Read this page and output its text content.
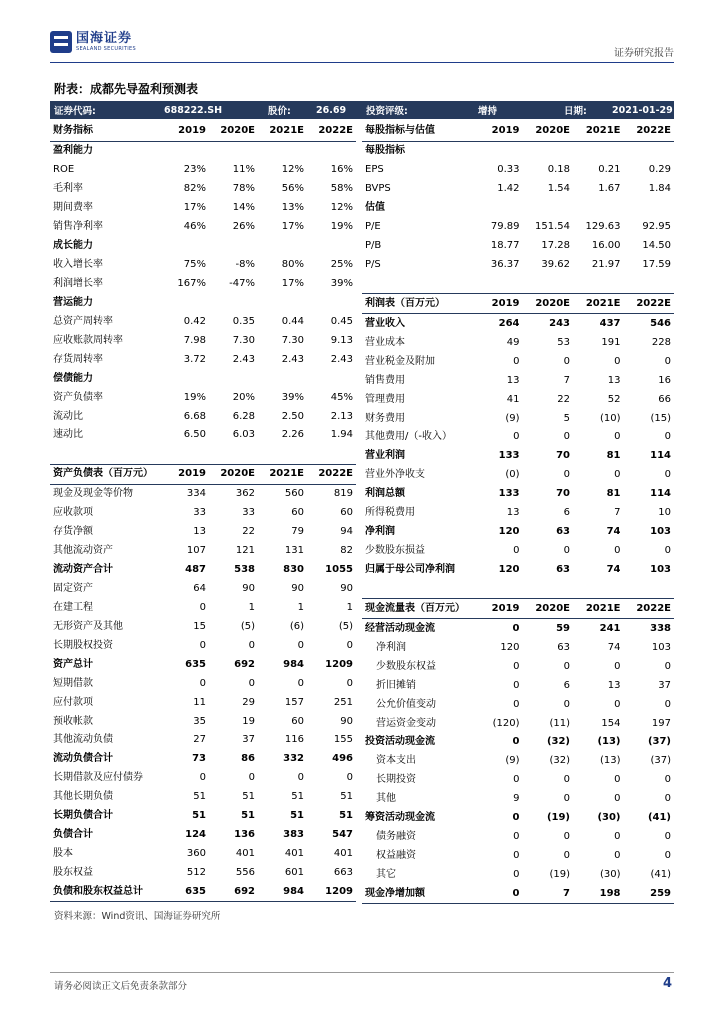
国海证券
SEALAND SECURITIES	证券研究报告
附表：成都先导盈利预测表
证券代码:	688222.SH	股价:	26.69 投资评级:	增持	日期:	2021-01-29
财务指标	2019	2020E	2021E	2022E
盈利能力				
ROE	23%	11%	12%	16%
毛利率	82%	78%	56%	58%
期间费率	17%	14%	13%	12%
销售净利率	46%	26%	17%	19%
成长能力				
收入增长率	75%	-8%	80%	25%
利润增长率	167%	-47%	17%	39%
营运能力				
总资产周转率	0.42	0.35	0.44	0.45
应收账款周转率	7.98	7.30	7.30	9.13
存货周转率	3.72	2.43	2.43	2.43
偿债能力				
资产负债率	19%	20%	39%	45%
流动比	6.68	6.28	2.50	2.13
速动比	6.50	6.03	2.26	1.94

资产负债表（百万元）	2019	2020E	2021E	2022E
现金及现金等价物	334	362	560	819
应收款项	33	33	60	60
存货净额	13	22	79	94
其他流动资产	107	121	131	82
流动资产合计	487	538	830	1055
固定资产	64	90	90	90
在建工程	0	1	1	1
无形资产及其他	15	(5)	(6)	(5)
长期股权投资	0	0	0	0
资产总计	635	692	984	1209
短期借款	0	0	0	0
应付款项	11	29	157	251
预收帐款	35	19	60	90
其他流动负债	27	37	116	155
流动负债合计	73	86	332	496
长期借款及应付债券	0	0	0	0
其他长期负债	51	51	51	51
长期负债合计	51	51	51	51
负债合计	124	136	383	547
股本	360	401	401	401
股东权益	512	556	601	663
负债和股东权益总计	635	692	984	1209
每股指标与估值	2019	2020E	2021E	2022E
每股指标				
EPS	0.33	0.18	0.21	0.29
BVPS	1.42	1.54	1.67	1.84
估值				
P/E	79.89	151.54	129.63	92.95
P/B	18.77	17.28	16.00	14.50
P/S	36.37	39.62	21.97	17.59

利润表（百万元）	2019	2020E	2021E	2022E
营业收入	264	243	437	546
营业成本	49	53	191	228
营业税金及附加	0	0	0	0
销售费用	13	7	13	16
管理费用	41	22	52	66
财务费用	(9)	5	(10)	(15)
其他费用/（-收入）	0	0	0	0
营业利润	133	70	81	114
营业外净收支	(0)	0	0	0
利润总额	133	70	81	114
所得税费用	13	6	7	10
净利润	120	63	74	103
少数股东损益	0	0	0	0
归属于母公司净利润	120	63	74	103

现金流量表（百万元）	2019	2020E	2021E	2022E
经营活动现金流	0	59	241	338
净利润	120	63	74	103
少数股东权益	0	0	0	0
折旧摊销	0	6	13	37
公允价值变动	0	0	0	0
营运资金变动	(120)	(11)	154	197
投资活动现金流	0	(32)	(13)	(37)
资本支出	(9)	(32)	(13)	(37)
长期投资	0	0	0	0
其他	9	0	0	0
筹资活动现金流	0	(19)	(30)	(41)
债务融资	0	0	0	0
权益融资	0	0	0	0
其它	0	(19)	(30)	(41)
现金净增加额	0	7	198	259
资料来源：Wind资讯、国海证券研究所
请务必阅读正文后免责条款部分	4
